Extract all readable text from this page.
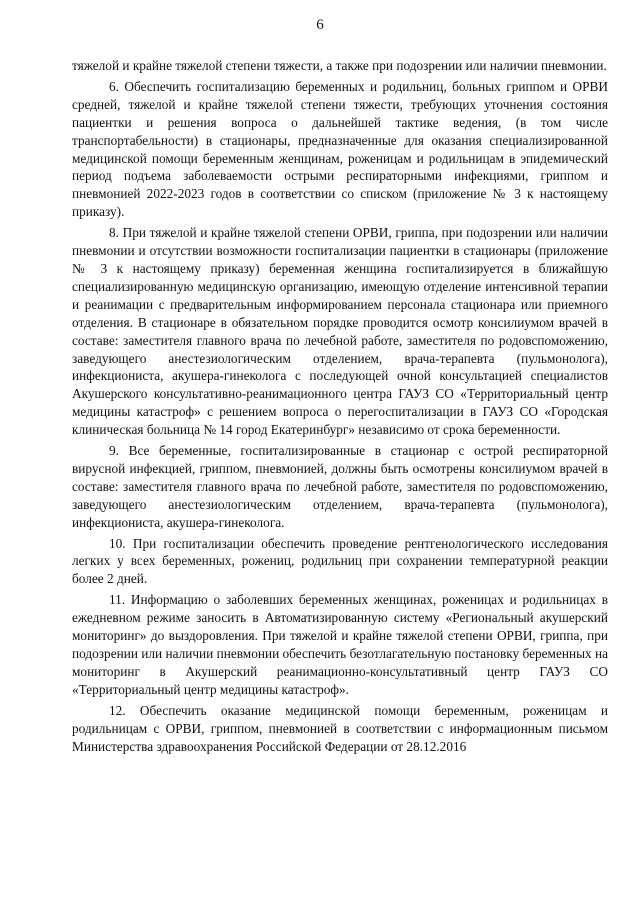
6

тяжелой и крайне тяжелой степени тяжести, а также при подозрении или наличии пневмонии.

6. Обеспечить госпитализацию беременных и родильниц, больных гриппом и ОРВИ средней, тяжелой и крайне тяжелой степени тяжести, требующих уточнения состояния пациентки и решения вопроса о дальнейшей тактике ведения, (в том числе транспортабельности) в стационары, предназначенные для оказания специализированной медицинской помощи беременным женщинам, роженицам и родильницам в эпидемический период подъема заболеваемости острыми респираторными инфекциями, гриппом и пневмонией 2022-2023 годов в соответствии со списком (приложение № 3 к настоящему приказу).

8. При тяжелой и крайне тяжелой степени ОРВИ, гриппа, при подозрении или наличии пневмонии и отсутствии возможности госпитализации пациентки в стационары (приложение № 3 к настоящему приказу) беременная женщина госпитализируется в ближайшую специализированную медицинскую организацию, имеющую отделение интенсивной терапии и реанимации с предварительным информированием персонала стационара или приемного отделения. В стационаре в обязательном порядке проводится осмотр консилиумом врачей в составе: заместителя главного врача по лечебной работе, заместителя по родовспоможению, заведующего анестезиологическим отделением, врача-терапевта (пульмонолога), инфекциониста, акушера-гинеколога с последующей очной консультацией специалистов Акушерского консультативно-реанимационного центра ГАУЗ СО «Территориальный центр медицины катастроф» с решением вопроса о перегоспитализации в ГАУЗ СО «Городская клиническая больница № 14 город Екатеринбург» независимо от срока беременности.

9. Все беременные, госпитализированные в стационар с острой респираторной вирусной инфекцией, гриппом, пневмонией, должны быть осмотрены консилиумом врачей в составе: заместителя главного врача по лечебной работе, заместителя по родовспоможению, заведующего анестезиологическим отделением, врача-терапевта (пульмонолога), инфекциониста, акушера-гинеколога.

10. При госпитализации обеспечить проведение рентгенологического исследования легких у всех беременных, рожениц, родильниц при сохранении температурной реакции более 2 дней.

11. Информацию о заболевших беременных женщинах, роженицах и родильницах в ежедневном режиме заносить в Автоматизированную систему «Региональный акушерский мониторинг» до выздоровления. При тяжелой и крайне тяжелой степени ОРВИ, гриппа, при подозрении или наличии пневмонии обеспечить безотлагательную постановку беременных на мониторинг в Акушерский реанимационно-консультативный центр ГАУЗ СО «Территориальный центр медицины катастроф».

12. Обеспечить оказание медицинской помощи беременным, роженицам и родильницам с ОРВИ, гриппом, пневмонией в соответствии с информационным письмом Министерства здравоохранения Российской Федерации от 28.12.2016
